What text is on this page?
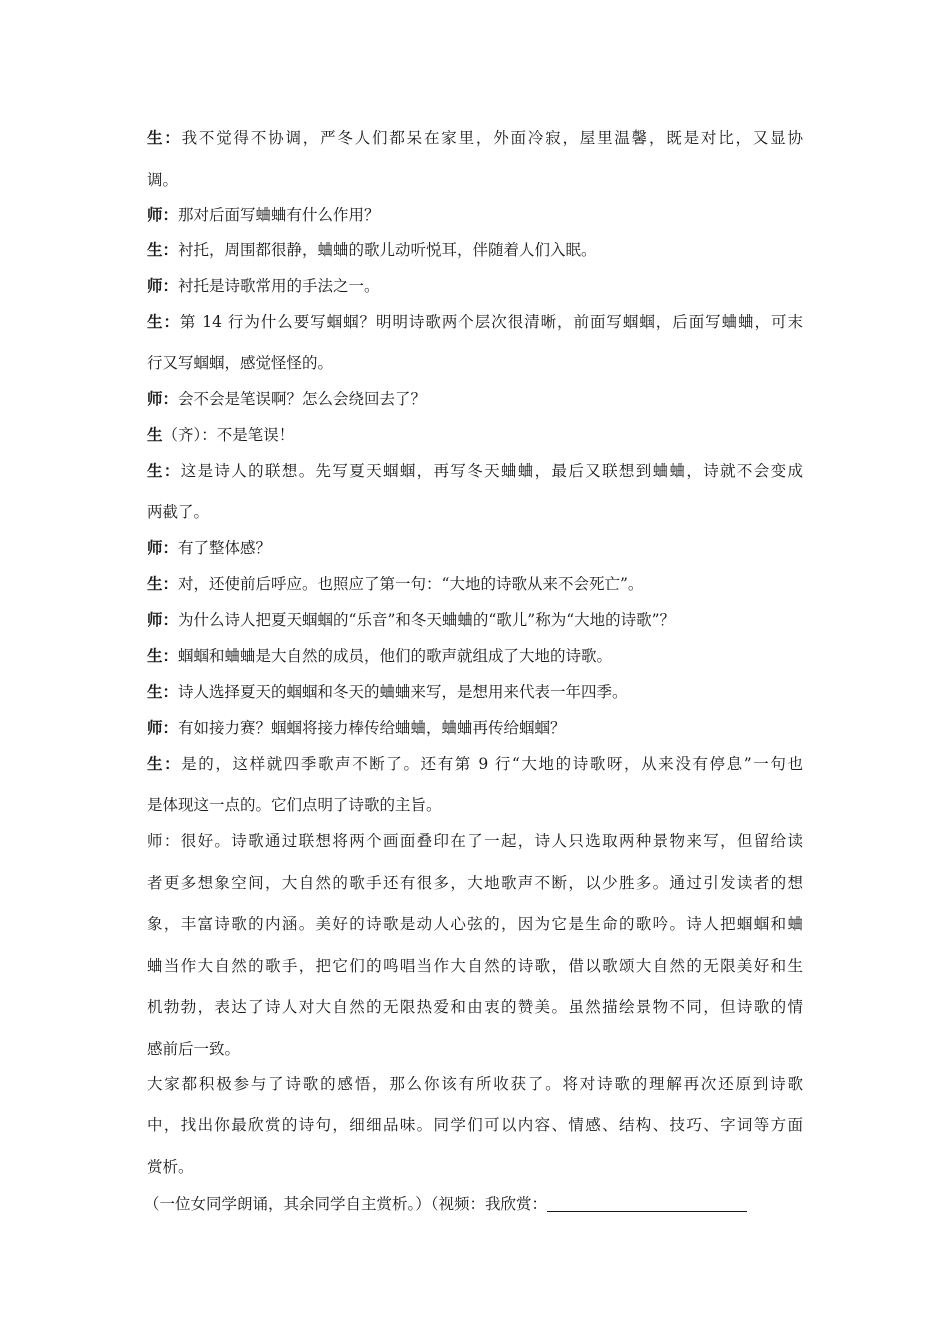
生：我不觉得不协调，严冬人们都呆在家里，外面冷寂，屋里温馨，既是对比，又显协
调。
师：那对后面写蛐蛐有什么作用？
生：衬托，周围都很静，蛐蛐的歌儿动听悦耳，伴随着人们入眠。
师：衬托是诗歌常用的手法之一。
生：第 14 行为什么要写蝈蝈？明明诗歌两个层次很清晰，前面写蝈蝈，后面写蛐蛐，可末
行又写蝈蝈，感觉怪怪的。
师：会不会是笔误啊？怎么会绕回去了？
生（齐）：不是笔误！
生：这是诗人的联想。先写夏天蝈蝈，再写冬天蛐蛐，最后又联想到蛐蛐，诗就不会变成
两截了。
师：有了整体感？
生：对，还使前后呼应。也照应了第一句：“大地的诗歌从来不会死亡”。
师：为什么诗人把夏天蝈蝈的“乐音”和冬天蛐蛐的“歌儿”称为“大地的诗歌”？
生：蝈蝈和蛐蛐是大自然的成员，他们的歌声就组成了大地的诗歌。
生：诗人选择夏天的蝈蝈和冬天的蛐蛐来写，是想用来代表一年四季。
师：有如接力赛？蝈蝈将接力棒传给蛐蛐，蛐蛐再传给蝈蝈？
生：是的，这样就四季歌声不断了。还有第 9 行“大地的诗歌呀，从来没有停息”一句也
是体现这一点的。它们点明了诗歌的主旨。
师：很好。诗歌通过联想将两个画面叠印在了一起，诗人只选取两种景物来写，但留给读
者更多想象空间，大自然的歌手还有很多，大地歌声不断，以少胜多。通过引发读者的想
象，丰富诗歌的内涵。美好的诗歌是动人心弦的，因为它是生命的歌吟。诗人把蝈蝈和蛐
蛐当作大自然的歌手，把它们的鸣唱当作大自然的诗歌，借以歌颂大自然的无限美好和生
机勃勃，表达了诗人对大自然的无限热爱和由衷的赞美。虽然描绘景物不同，但诗歌的情
感前后一致。
大家都积极参与了诗歌的感悟，那么你该有所收获了。将对诗歌的理解再次还原到诗歌
中，找出你最欣赏的诗句，细细品味。同学们可以内容、情感、结构、技巧、字词等方面
赏析。
（一位女同学朗诵，其余同学自主赏析。）（视频：我欣赏：
